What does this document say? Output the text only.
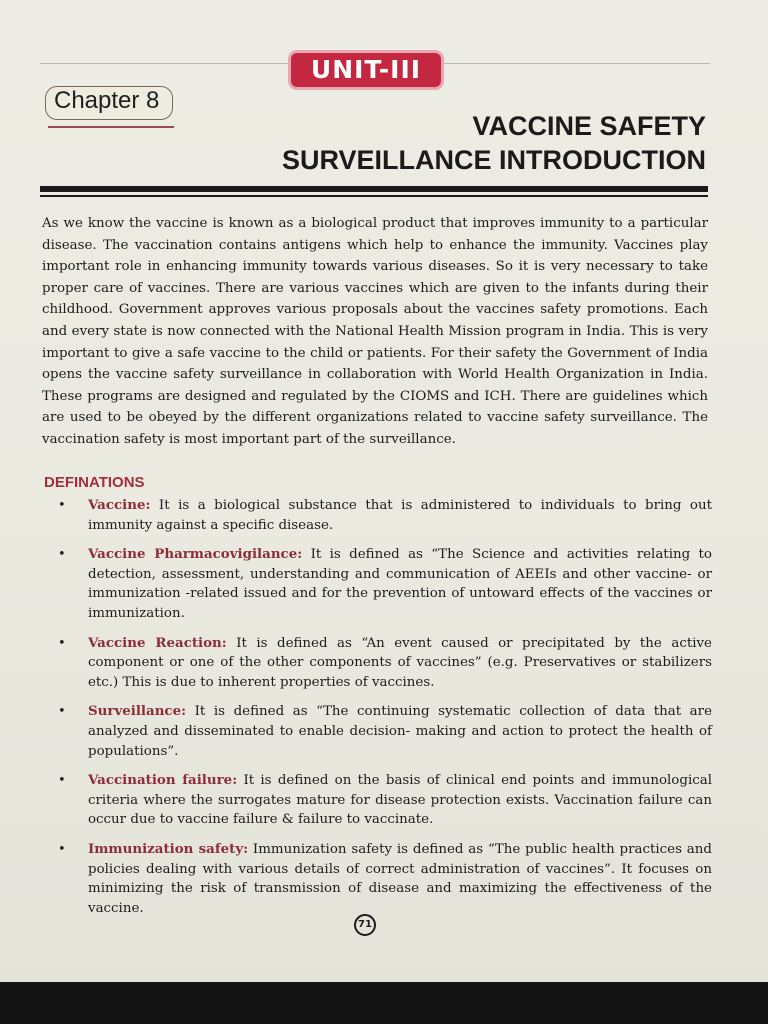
UNIT-III
Chapter 8
VACCINE SAFETY
SURVEILLANCE INTRODUCTION

As we know the vaccine is known as a biological product that improves immunity to a particular disease. The vaccination contains antigens which help to enhance the immunity. Vaccines play important role in enhancing immunity towards various diseases. So it is very necessary to take proper care of vaccines. There are various vaccines which are given to the infants during their childhood. Government approves various proposals about the vaccines safety promotions. Each and every state is now connected with the National Health Mission program in India. This is very important to give a safe vaccine to the child or patients. For their safety the Government of India opens the vaccine safety surveillance in collaboration with World Health Organization in India. These programs are designed and regulated by the CIOMS and ICH. There are guidelines which are used to be obeyed by the different organizations related to vaccine safety surveillance. The vaccination safety is most important part of the surveillance.

DEFINATIONS
• Vaccine: It is a biological substance that is administered to individuals to bring out immunity against a specific disease.
• Vaccine Pharmacovigilance: It is defined as “The Science and activities relating to detection, assessment, understanding and communication of AEEIs and other vaccine- or immunization -related issued and for the prevention of untoward effects of the vaccines or immunization.
• Vaccine Reaction: It is defined as “An event caused or precipitated by the active component or one of the other components of vaccines” (e.g. Preservatives or stabilizers etc.) This is due to inherent properties of vaccines.
• Surveillance: It is defined as “The continuing systematic collection of data that are analyzed and disseminated to enable decision- making and action to protect the health of populations”.
• Vaccination failure: It is defined on the basis of clinical end points and immunological criteria where the surrogates mature for disease protection exists. Vaccination failure can occur due to vaccine failure & failure to vaccinate.
• Immunization safety: Immunization safety is defined as “The public health practices and policies dealing with various details of correct administration of vaccines”. It focuses on minimizing the risk of transmission of disease and maximizing the effectiveness of the vaccine.
71
